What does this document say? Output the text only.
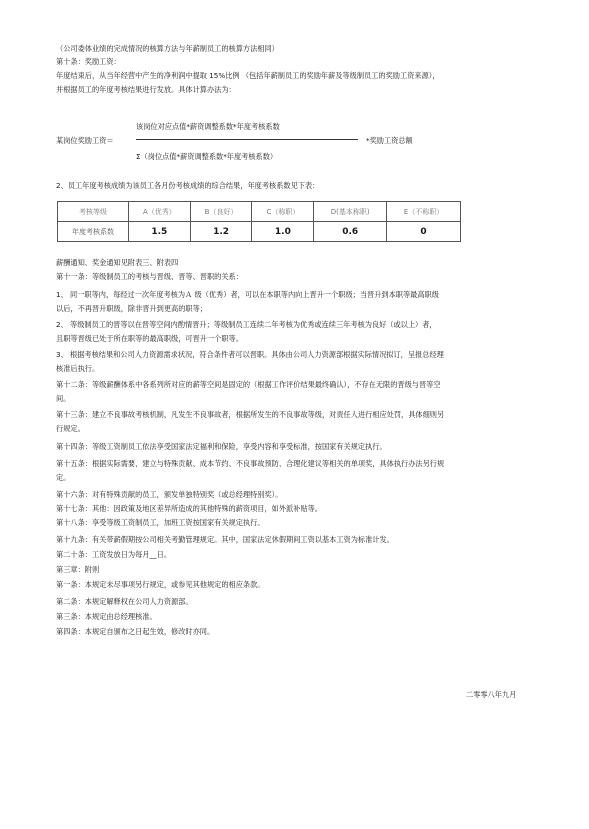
（公司委体业绩的完成情况的核算方法与年薪制员工的核算方法相同）
第十条：奖励工资：
年度结束后，从当年经营中产生的净利润中提取 15%比例 （包括年薪制员工的奖励年薪及等级制员工的奖励工资来源），
并根据员工的年度考核结果进行发放。具体计算办法为：
某岗位奖励工资＝
该岗位对应点值*薪资调整系数*年度考核系数
Σ（岗位点值*薪资调整系数*年度考核系数）
*奖励工资总额
2、员工年度考核成绩为该员工各月份考核成绩的综合结果，年度考核系数见下表：
考核等级	A（优秀）	B（良好）	C（称职）	D(基本称职)	E（不称职）
年度考核系数	1.5	1.2	1.0	0.6	0
薪酬通知、奖金通知见附表三、附表四
第十一条：等级制员工的考核与晋级、晋等、晋职的关系：
1、 同一职等内，每经过一次年度考核为Ａ 级（优秀）者，可以在本职等内向上晋升一个职级；当晋升到本职等最高职级
以后，不再晋升职级，除非晋升到更高的职等；
2、 等级制员工的晋等以在晋等空间内酌情晋升；等级制员工连续二年考核为优秀或连续三年考核为良好（或以上）者，
且职等晋级已处于所在职等的最高职级，可晋升一个职等。
3、 根据考核结果和公司人力资源需求状况，符合条件者可以晋职。具体由公司人力资源部根据实际情况拟订，呈报总经理
核准后执行。
第十二条：等级薪酬体系中各系列所对应的薪等空间是固定的（根据工作评价结果最终确认），不存在无限的晋级与晋等空
间。
第十三条：建立不良事故考核机制，凡发生不良事故者，根据所发生的不良事故等级，对责任人进行相应处罚，具体细则另
行规定。
第十四条：等级工资制员工依法享受国家法定福利和保险，享受内容和享受标准，按国家有关规定执行。
第十五条：根据实际需要，建立与特殊贡献、成本节约、不良事故预防、合理化建议等相关的单项奖，具体执行办法另行规
定。
第十六条：对有特殊贡献的员工，颁发单独特别奖（或总经理特别奖）。
第十七条：其他：因政策及地区差异所造成的其他特殊的薪资项目，如外派补贴等。
第十八条：享受等级工资制员工，加班工资按国家有关规定执行。
第十九条：有关带薪假期按公司相关考勤管理规定。其中，国家法定休假期间工资以基本工资为标准计发。
第二十条：工资发放日为每月__日。
第三章：附则
第一条：本规定未尽事项另行规定，或参见其他规定的相应条款。
第二条：本规定解释权在公司人力资源部。
第三条：本规定由总经理核准。
第四条：本规定自颁布之日起生效，修改时亦同。
二零零八年九月
